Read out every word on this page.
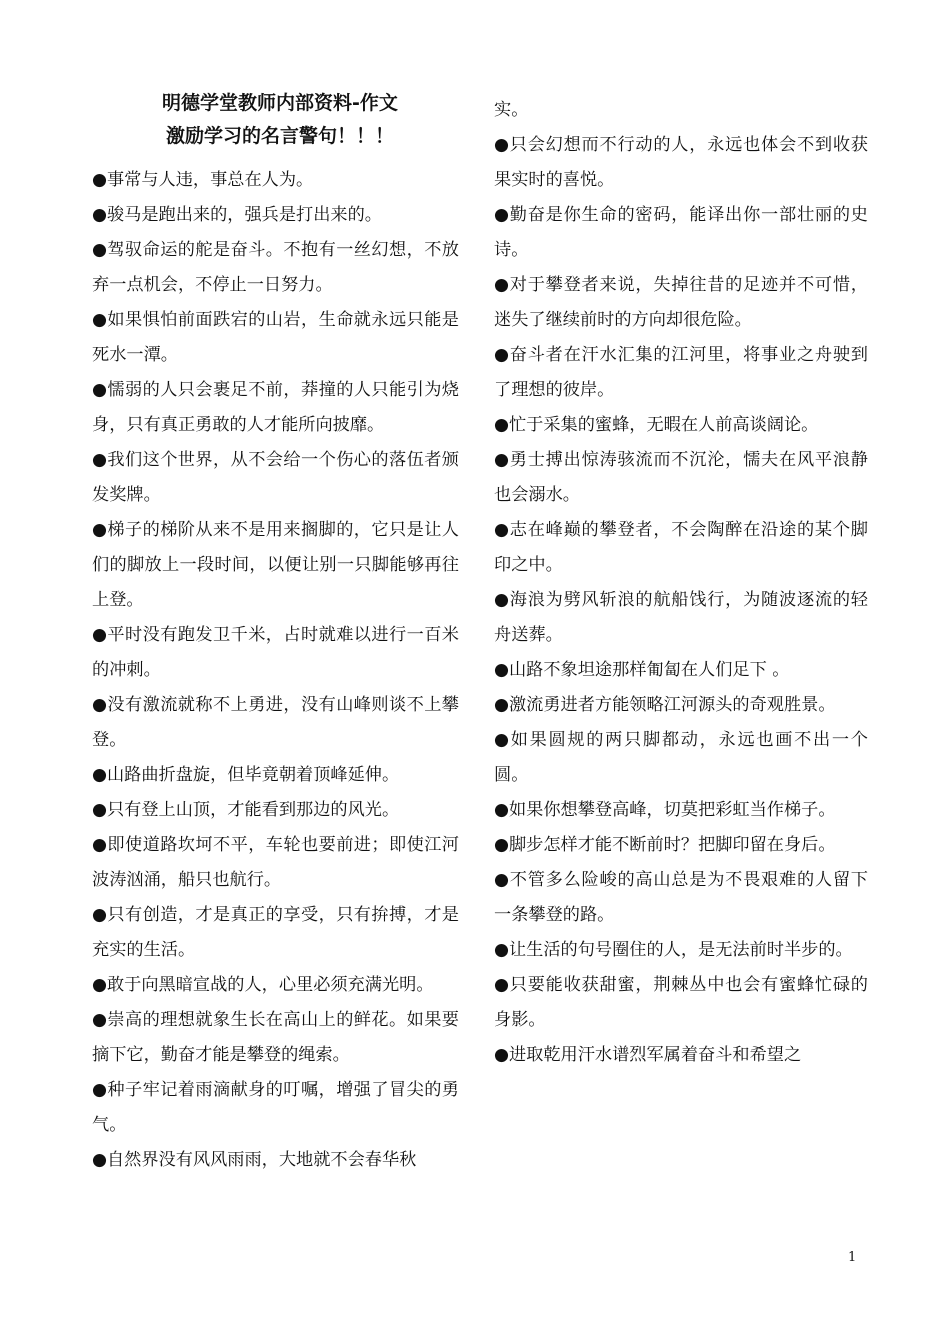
明德学堂教师内部资料-作文
激励学习的名言警句！！！

●事常与人违，事总在人为。

●骏马是跑出来的，强兵是打出来的。

●驾驭命运的舵是奋斗。不抱有一丝幻想，不放弃一点机会，不停止一日努力。

●如果惧怕前面跌宕的山岩，生命就永远只能是死水一潭。

●懦弱的人只会裹足不前，莽撞的人只能引为烧身，只有真正勇敢的人才能所向披靡。

●我们这个世界，从不会给一个伤心的落伍者颁发奖牌。

●梯子的梯阶从来不是用来搁脚的，它只是让人们的脚放上一段时间，以便让别一只脚能够再往上登。

●平时没有跑发卫千米，占时就难以进行一百米的冲刺。

●没有激流就称不上勇进，没有山峰则谈不上攀登。

●山路曲折盘旋，但毕竟朝着顶峰延伸。

●只有登上山顶，才能看到那边的风光。

●即使道路坎坷不平，车轮也要前进；即使江河波涛汹涌，船只也航行。

●只有创造，才是真正的享受，只有拚搏，才是充实的生活。

●敢于向黑暗宣战的人，心里必须充满光明。

●崇高的理想就象生长在高山上的鲜花。如果要摘下它，勤奋才能是攀登的绳索。

●种子牢记着雨滴献身的叮嘱，增强了冒尖的勇气。

●自然界没有风风雨雨，大地就不会春华秋

实。

●只会幻想而不行动的人，永远也体会不到收获果实时的喜悦。

●勤奋是你生命的密码，能译出你一部壮丽的史诗。

●对于攀登者来说，失掉往昔的足迹并不可惜，迷失了继续前时的方向却很危险。

●奋斗者在汗水汇集的江河里，将事业之舟驶到了理想的彼岸。

●忙于采集的蜜蜂，无暇在人前高谈阔论。

●勇士搏出惊涛骇流而不沉沦，懦夫在风平浪静也会溺水。

●志在峰巅的攀登者，不会陶醉在沿途的某个脚印之中。

●海浪为劈风斩浪的航船饯行，为随波逐流的轻舟送葬。

●山路不象坦途那样匍匐在人们足下 。

●激流勇进者方能领略江河源头的奇观胜景。

●如果圆规的两只脚都动，永远也画不出一个圆。

●如果你想攀登高峰，切莫把彩虹当作梯子。

●脚步怎样才能不断前时？把脚印留在身后。

●不管多么险峻的高山总是为不畏艰难的人留下一条攀登的路。

●让生活的句号圈住的人，是无法前时半步的。

●只要能收获甜蜜，荆棘丛中也会有蜜蜂忙碌的身影。

●进取乾用汗水谱烈军属着奋斗和希望之

1
